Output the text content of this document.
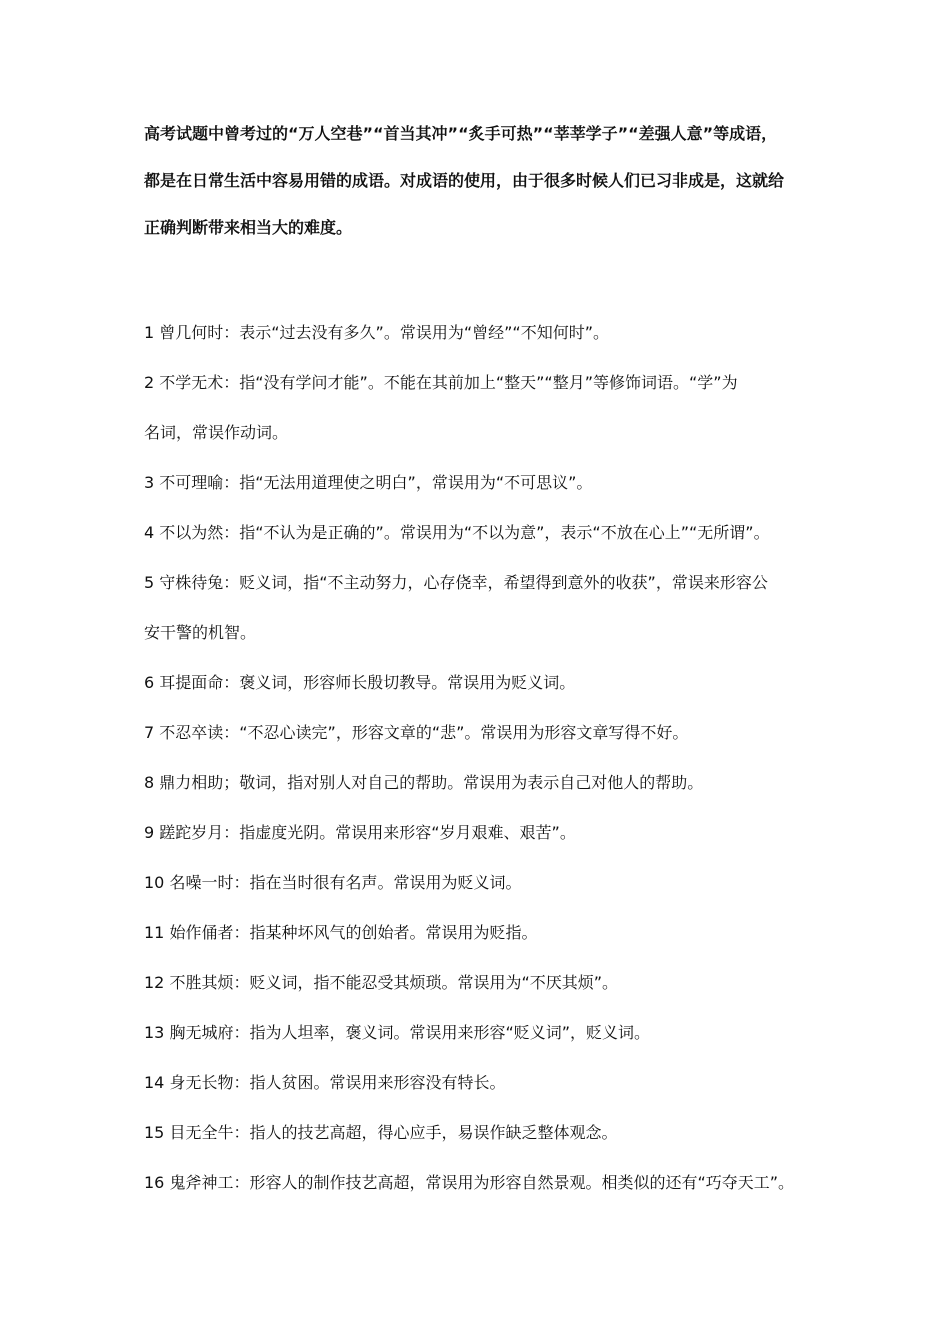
高考试题中曾考过的“万人空巷”“首当其冲”“炙手可热”“莘莘学子”“差强人意”等成语，
都是在日常生活中容易用错的成语。对成语的使用，由于很多时候人们已习非成是，这就给
正确判断带来相当大的难度。
1 曾几何时：表示“过去没有多久”。常误用为“曾经”“不知何时”。
2 不学无术：指“没有学问才能”。不能在其前加上“整天”“整月”等修饰词语。“学”为
名词，常误作动词。
3 不可理喻：指“无法用道理使之明白”，常误用为“不可思议”。
4 不以为然：指“不认为是正确的”。常误用为“不以为意”，表示“不放在心上”“无所谓”。
5 守株待兔：贬义词，指“不主动努力，心存侥幸，希望得到意外的收获”，常误来形容公
安干警的机智。
6 耳提面命：褒义词，形容师长殷切教导。常误用为贬义词。
7 不忍卒读：“不忍心读完”，形容文章的“悲”。常误用为形容文章写得不好。
8 鼎力相助；敬词，指对别人对自己的帮助。常误用为表示自己对他人的帮助。
9 蹉跎岁月：指虚度光阴。常误用来形容“岁月艰难、艰苦”。
10 名噪一时：指在当时很有名声。常误用为贬义词。
11 始作俑者：指某种坏风气的创始者。常误用为贬指。
12 不胜其烦：贬义词，指不能忍受其烦琐。常误用为“不厌其烦”。
13 胸无城府：指为人坦率，褒义词。常误用来形容“贬义词”，贬义词。
14 身无长物：指人贫困。常误用来形容没有特长。
15 目无全牛：指人的技艺高超，得心应手，易误作缺乏整体观念。
16 鬼斧神工：形容人的制作技艺高超，常误用为形容自然景观。相类似的还有“巧夺天工”。
